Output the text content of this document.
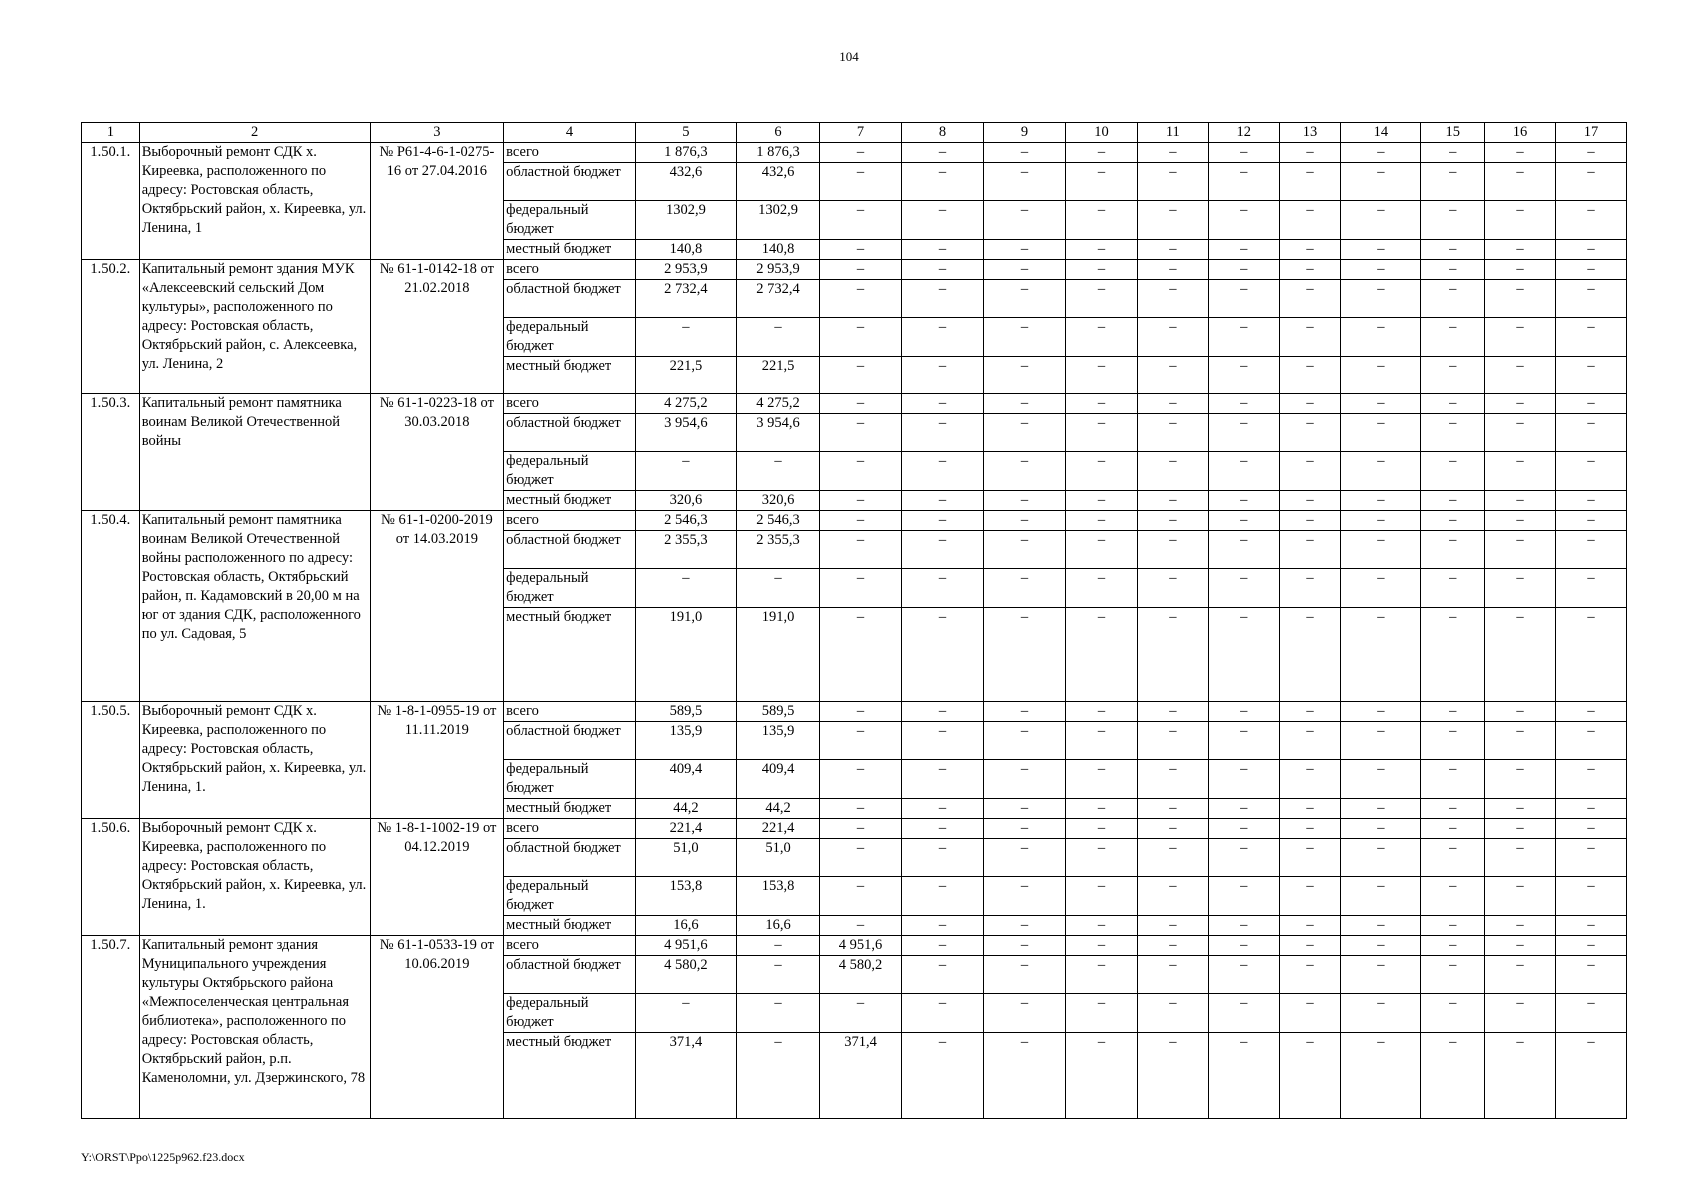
104
1	2	3	4	5	6	7	8	9	10	11	12	13	14	15	16	17
1.50.1.	Выборочный ремонт СДК х. Киреевка, расположенного по адресу: Ростовская область, Октябрьский район, х. Киреевка, ул. Ленина, 1	№ Р61-4-6-1-0275-16 от 27.04.2016	всего	1 876,3	1 876,3	–	–	–	–	–	–	–	–	–	–	–
			областной бюджет	432,6	432,6	–	–	–	–	–	–	–	–	–	–	–
			федеральный бюджет	1302,9	1302,9	–	–	–	–	–	–	–	–	–	–	–
			местный бюджет	140,8	140,8	–	–	–	–	–	–	–	–	–	–	–
1.50.2.	Капитальный ремонт здания МУК «Алексеевский сельский Дом культуры», расположенного по адресу: Ростовская область, Октябрьский район, с. Алексеевка, ул. Ленина, 2	№ 61-1-0142-18 от 21.02.2018	всего	2 953,9	2 953,9	–	–	–	–	–	–	–	–	–	–	–
			областной бюджет	2 732,4	2 732,4	–	–	–	–	–	–	–	–	–	–	–
			федеральный бюджет	–	–	–	–	–	–	–	–	–	–	–	–	–
			местный бюджет	221,5	221,5	–	–	–	–	–	–	–	–	–	–	–
1.50.3.	Капитальный ремонт памятника воинам Великой Отечественной войны	№ 61-1-0223-18 от 30.03.2018	всего	4 275,2	4 275,2	–	–	–	–	–	–	–	–	–	–	–
			областной бюджет	3 954,6	3 954,6	–	–	–	–	–	–	–	–	–	–	–
			федеральный бюджет	–	–	–	–	–	–	–	–	–	–	–	–	–
			местный бюджет	320,6	320,6	–	–	–	–	–	–	–	–	–	–	–
1.50.4.	Капитальный ремонт памятника воинам Великой Отечественной войны расположенного по адресу: Ростовская область, Октябрьский район, п. Кадамовский в 20,00 м на юг от здания СДК, расположенного по ул. Садовая, 5	№ 61-1-0200-2019 от 14.03.2019	всего	2 546,3	2 546,3	–	–	–	–	–	–	–	–	–	–	–
			областной бюджет	2 355,3	2 355,3	–	–	–	–	–	–	–	–	–	–	–
			федеральный бюджет	–	–	–	–	–	–	–	–	–	–	–	–	–
			местный бюджет	191,0	191,0	–	–	–	–	–	–	–	–	–	–	–
1.50.5.	Выборочный ремонт СДК х. Киреевка, расположенного по адресу: Ростовская область, Октябрьский район, х. Киреевка, ул. Ленина, 1.	№ 1-8-1-0955-19 от 11.11.2019	всего	589,5	589,5	–	–	–	–	–	–	–	–	–	–	–
			областной бюджет	135,9	135,9	–	–	–	–	–	–	–	–	–	–	–
			федеральный бюджет	409,4	409,4	–	–	–	–	–	–	–	–	–	–	–
			местный бюджет	44,2	44,2	–	–	–	–	–	–	–	–	–	–	–
1.50.6.	Выборочный ремонт СДК х. Киреевка, расположенного по адресу: Ростовская область, Октябрьский район, х. Киреевка, ул. Ленина, 1.	№ 1-8-1-1002-19 от 04.12.2019	всего	221,4	221,4	–	–	–	–	–	–	–	–	–	–	–
			областной бюджет	51,0	51,0	–	–	–	–	–	–	–	–	–	–	–
			федеральный бюджет	153,8	153,8	–	–	–	–	–	–	–	–	–	–	–
			местный бюджет	16,6	16,6	–	–	–	–	–	–	–	–	–	–	–
1.50.7.	Капитальный ремонт здания Муниципального учреждения культуры Октябрьского района «Межпоселенческая центральная библиотека», расположенного по адресу: Ростовская область, Октябрьский район, р.п. Каменоломни, ул. Дзержинского, 78	№ 61-1-0533-19 от 10.06.2019	всего	4 951,6	–	4 951,6	–	–	–	–	–	–	–	–	–	–
			областной бюджет	4 580,2	–	4 580,2	–	–	–	–	–	–	–	–	–	–
			федеральный бюджет	–	–	–	–	–	–	–	–	–	–	–	–	–
			местный бюджет	371,4	–	371,4	–	–	–	–	–	–	–	–	–	–
Y:\ORST\Ppo\1225p962.f23.docx
